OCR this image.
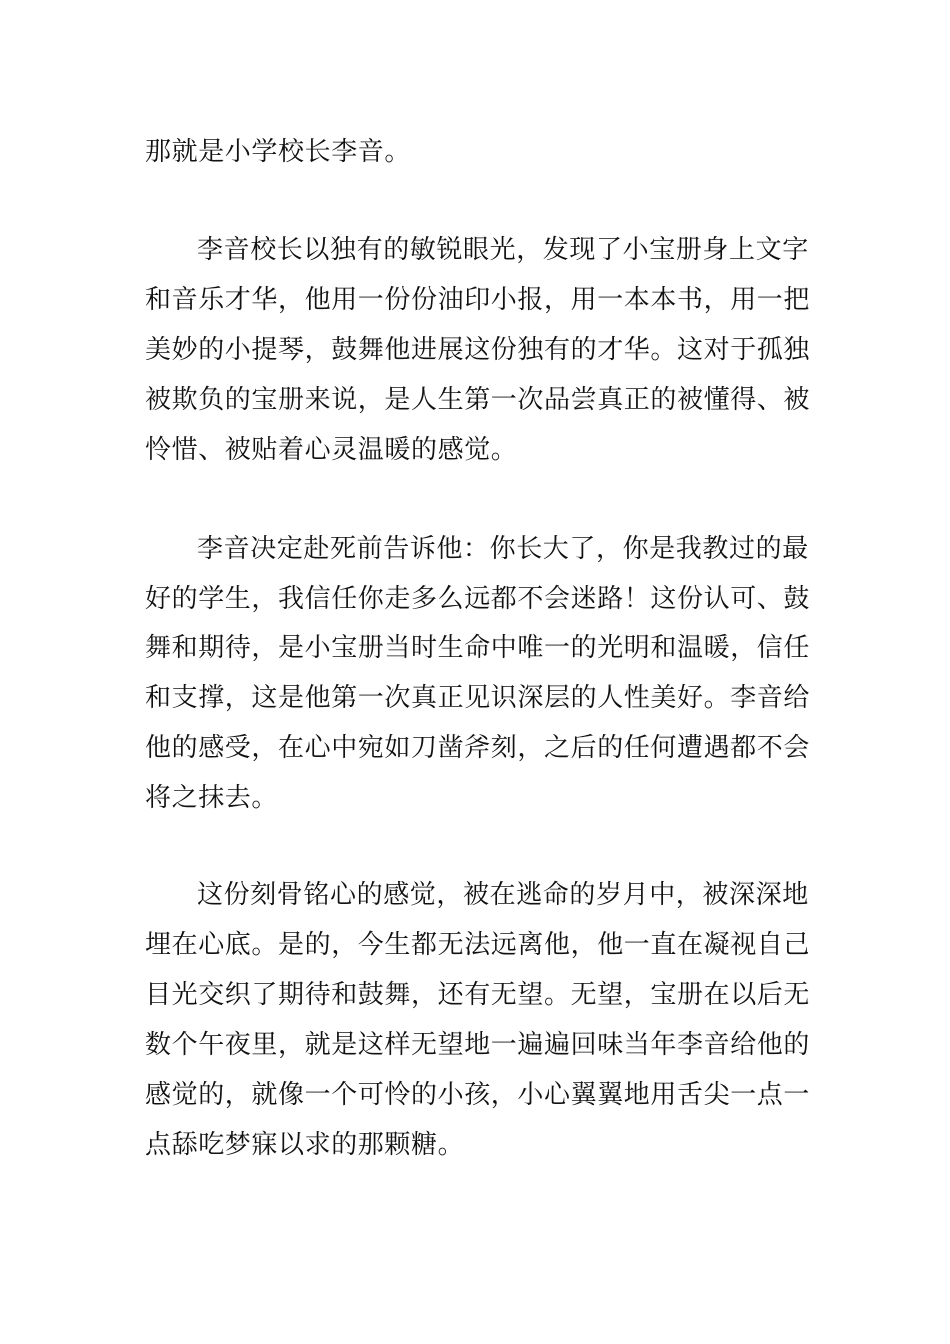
那就是小学校长李音。
李音校长以独有的敏锐眼光，发现了小宝册身上文字
和音乐才华，他用一份份油印小报，用一本本书，用一把
美妙的小提琴，鼓舞他进展这份独有的才华。这对于孤独
被欺负的宝册来说，是人生第一次品尝真正的被懂得、被
怜惜、被贴着心灵温暖的感觉。
李音决定赴死前告诉他：你长大了，你是我教过的最
好的学生，我信任你走多么远都不会迷路！这份认可、鼓
舞和期待，是小宝册当时生命中唯一的光明和温暖，信任
和支撑，这是他第一次真正见识深层的人性美好。李音给
他的感受，在心中宛如刀凿斧刻，之后的任何遭遇都不会
将之抹去。
这份刻骨铭心的感觉，被在逃命的岁月中，被深深地
埋在心底。是的，今生都无法远离他，他一直在凝视自己
目光交织了期待和鼓舞，还有无望。无望，宝册在以后无
数个午夜里，就是这样无望地一遍遍回味当年李音给他的
感觉的，就像一个可怜的小孩，小心翼翼地用舌尖一点一
点舔吃梦寐以求的那颗糖。
